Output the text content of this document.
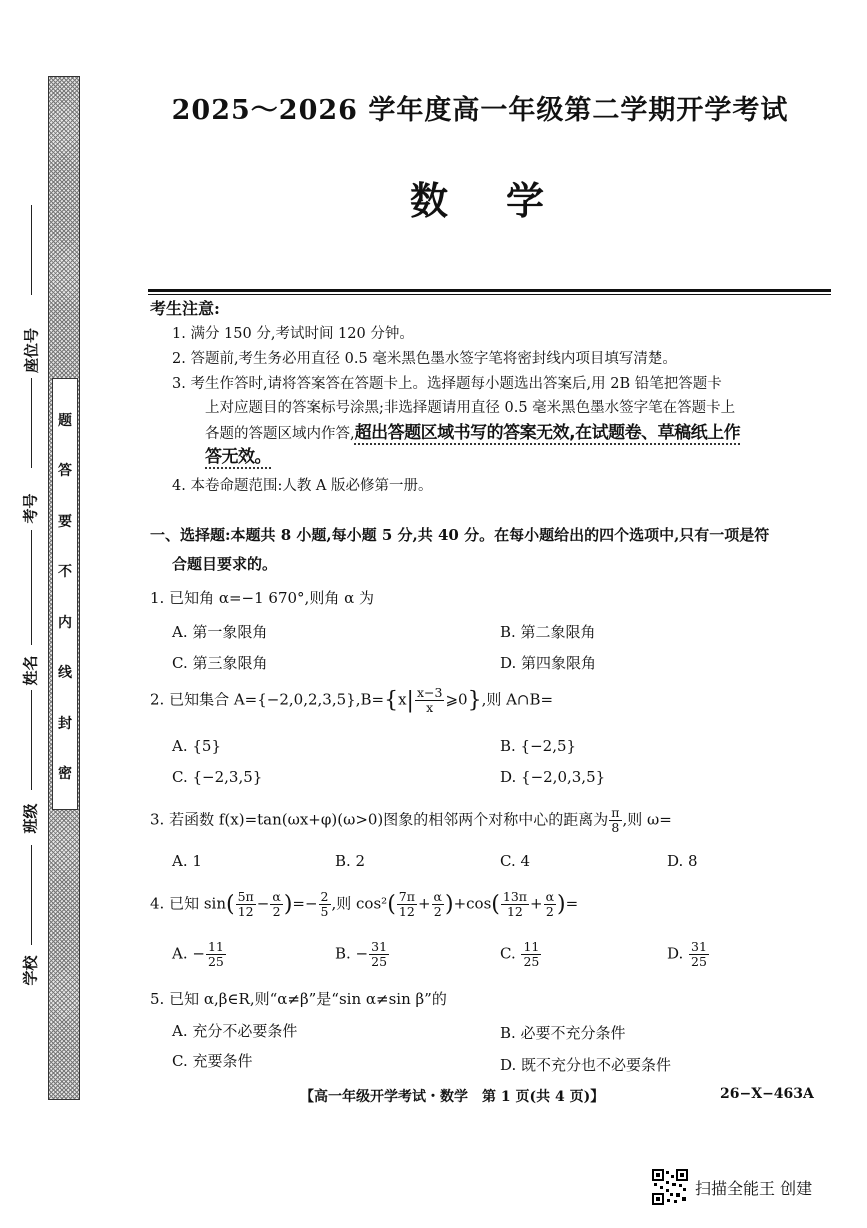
题
答
要
不
内
线
封
密
座位号
考号
姓名
班级
学校
2025～2026 学年度高一年级第二学期开学考试
数学
考生注意:
1. 满分 150 分,考试时间 120 分钟。
2. 答题前,考生务必用直径 0.5 毫米黑色墨水签字笔将密封线内项目填写清楚。
3. 考生作答时,请将答案答在答题卡上。选择题每小题选出答案后,用 2B 铅笔把答题卡
上对应题目的答案标号涂黑;非选择题请用直径 0.5 毫米黑色墨水签字笔在答题卡上
各题的答题区域内作答,超出答题区域书写的答案无效,在试题卷、草稿纸上作
答无效。
4. 本卷命题范围:人教 A 版必修第一册。
一、选择题:本题共 8 小题,每小题 5 分,共 40 分。在每小题给出的四个选项中,只有一项是符
合题目要求的。
1. 已知角 α=−1 670°,则角 α 为
A. 第一象限角	B. 第二象限角
C. 第三象限角	D. 第四象限角
2. 已知集合 $A=\{-2,0,2,3,5\},B=\{x| \frac{x-3}{x}$ ⩾0},则 A∩B=
A. {5}	B. {−2,5}
C. {−2,3,5}	D. {−2,0,3,5}
3. 若函数 f(x)=tan(ωx+φ)(ω>0)图象的相邻两个对称中心的距离为 $\frac{\pi}{8}$ ,则 ω=
A. 1	B. 2	C. 4	D. 8
4. 已知 $\sin( \frac{5\pi}{12} - \frac{\alpha}{2}$ )=− $\frac{2}{5}$ ,则 $\cos^2( \frac{7\pi}{12} + \frac{\alpha}{2} )+\cos( \frac{13\pi}{12} + \frac{\alpha}{2}$ )=
A. − $\frac{11}{25}$	B. − $\frac{31}{25}$	C. $\frac{11}{25}$	D. $\frac{31}{25}$
5. 已知 α,β∈R,则“α≠β”是“sin α≠sin β”的
A. 充分不必要条件	B. 必要不充分条件
C. 充要条件	D. 既不充分也不必要条件
【高一年级开学考试・数学　第 1 页(共 4 页)】	26−X−463A
扫描全能王 创建
